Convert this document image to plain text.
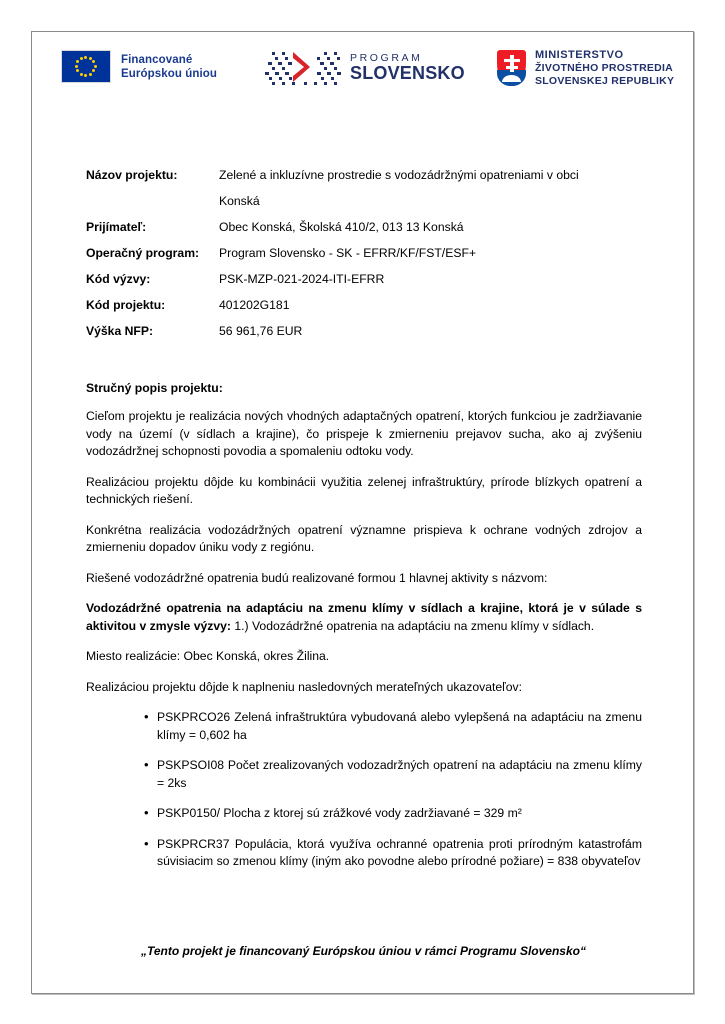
Financované
Európskou úniou
PROGRAM
SLOVENSKO
MINISTERSTVO
ŽIVOTNÉHO PROSTREDIA
SLOVENSKEJ REPUBLIKY
Názov projektu:	Zelené a inkluzívne prostredie s vodozádržnými opatreniami v obci
Konská
Prijímateľ:	Obec Konská, Školská 410/2, 013 13 Konská
Operačný program:	Program Slovensko - SK - EFRR/KF/FST/ESF+
Kód výzvy:	PSK-MZP-021-2024-ITI-EFRR
Kód projektu:	401202G181
Výška NFP:	56 961,76 EUR
Stručný popis projektu:

Cieľom projektu je realizácia nových vhodných adaptačných opatrení, ktorých funkciou je zadržiavanie vody na území (v sídlach a krajine), čo prispeje k zmierneniu prejavov sucha, ako aj zvýšeniu vodozádržnej schopnosti povodia a spomaleniu odtoku vody.

Realizáciou projektu dôjde ku kombinácii využitia zelenej infraštruktúry, prírode blízkych opatrení a technických riešení.

Konkrétna realizácia vodozádržných opatrení významne prispieva k ochrane vodných zdrojov a zmierneniu dopadov úniku vody z regiónu.

Riešené vodozádržné opatrenia budú realizované formou 1 hlavnej aktivity s názvom:

Vodozádržné opatrenia na adaptáciu na zmenu klímy v sídlach a krajine, ktorá je v súlade s aktivitou v zmysle výzvy: 1.) Vodozádržné opatrenia na adaptáciu na zmenu klímy v sídlach.

Miesto realizácie: Obec Konská, okres Žilina.

Realizáciou projektu dôjde k naplneniu nasledovných merateľných ukazovateľov:

• PSKPRCO26 Zelená infraštruktúra vybudovaná alebo vylepšená na adaptáciu na zmenu klímy = 0,602 ha
• PSKPSOI08 Počet zrealizovaných vodozadržných opatrení na adaptáciu na zmenu klímy = 2ks
• PSKP0150/ Plocha z ktorej sú zrážkové vody zadržiavané = 329 m²
• PSKPRCR37 Populácia, ktorá využíva ochranné opatrenia proti prírodným katastrofám súvisiacim so zmenou klímy (iným ako povodne alebo prírodné požiare) = 838 obyvateľov
„Tento projekt je financovaný Európskou úniou v rámci Programu Slovensko“
